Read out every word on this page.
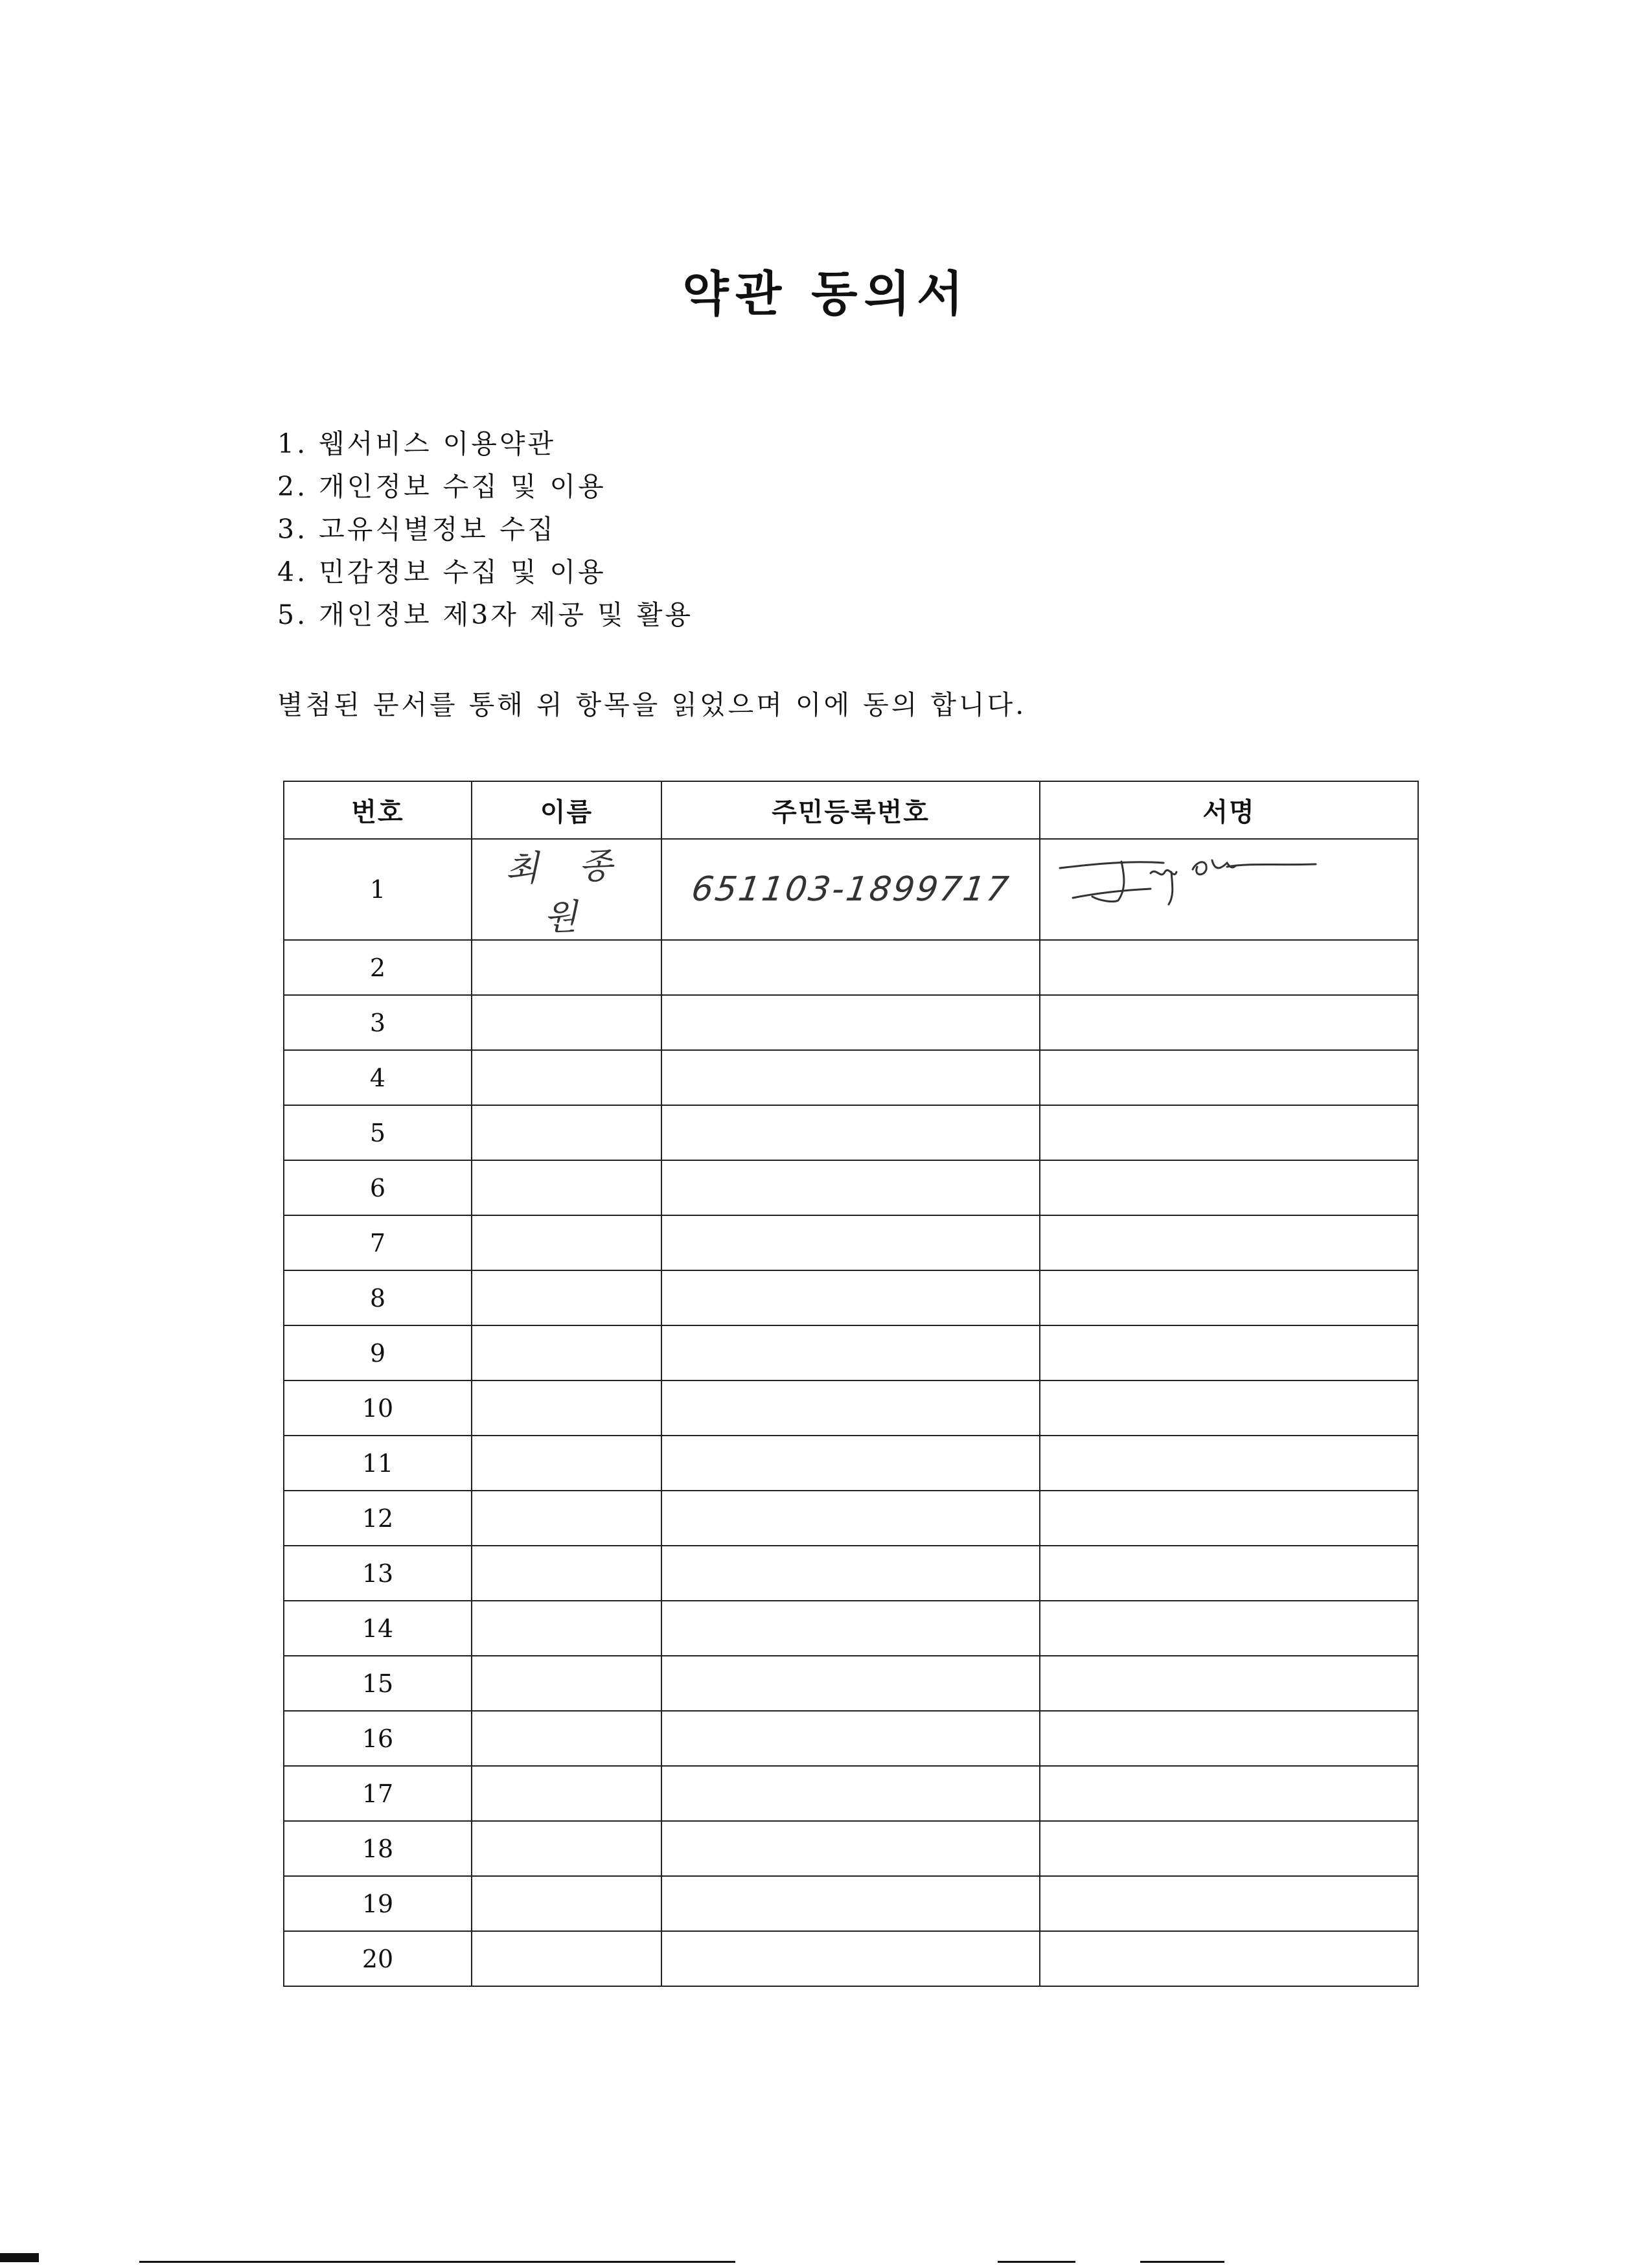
약관 동의서
1. 웹서비스 이용약관
2. 개인정보 수집 및 이용
3. 고유식별정보 수집
4. 민감정보 수집 및 이용
5. 개인정보 제3자 제공 및 활용
별첨된 문서를 통해 위 항목을 읽었으며 이에 동의 합니다.
번호	이름	주민등록번호	서명
1	최 종 원	651103-1899717	

2			
3			
4			
5			
6			
7			
8			
9			
10			
11			
12			
13			
14			
15			
16			
17			
18			
19			
20			
